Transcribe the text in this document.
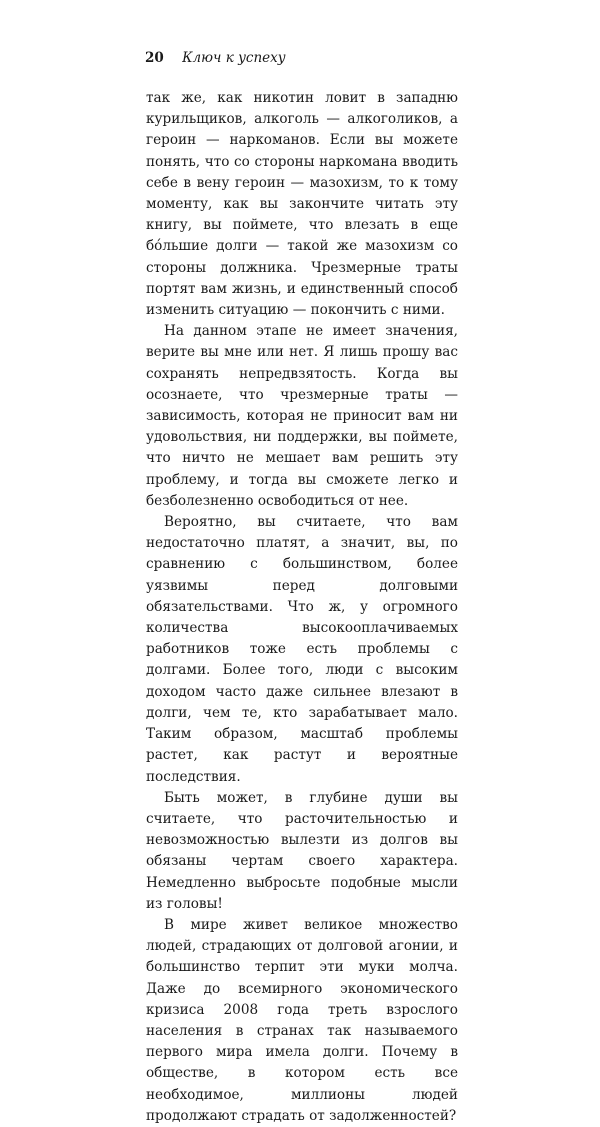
20 Ключ к успеху

так же, как никотин ловит в западню курильщиков, алкоголь — алкоголиков, а героин — наркоманов. Если вы можете понять, что со стороны наркомана вводить себе в вену героин — мазохизм, то к тому моменту, как вы закончите читать эту книгу, вы поймете, что влезать в еще бóльшие долги — такой же мазохизм со стороны должника. Чрезмерные траты портят вам жизнь, и единственный способ изменить ситуацию — покончить с ними.

На данном этапе не имеет значения, верите вы мне или нет. Я лишь прошу вас сохранять непредвзятость. Когда вы осознаете, что чрезмерные траты — зависимость, которая не приносит вам ни удовольствия, ни поддержки, вы поймете, что ничто не мешает вам решить эту проблему, и тогда вы сможете легко и безболезненно освободиться от нее.

Вероятно, вы считаете, что вам недостаточно платят, а значит, вы, по сравнению с большинством, более уязвимы перед долговыми обязательствами. Что ж, у огромного количества высокооплачиваемых работников тоже есть проблемы с долгами. Более того, люди с высоким доходом часто даже сильнее влезают в долги, чем те, кто зарабатывает мало. Таким образом, масштаб проблемы растет, как растут и вероятные последствия.

Быть может, в глубине души вы считаете, что расточительностью и невозможностью вылезти из долгов вы обязаны чертам своего характера. Немедленно выбросьте подобные мысли из головы!

В мире живет великое множество людей, страдающих от долговой агонии, и большинство терпит эти муки молча. Даже до всемирного экономического кризиса 2008 года треть взрослого населения в странах так называемого первого мира имела долги. Почему в обществе, в котором есть все необходимое, миллионы людей продолжают страдать от задолженностей?
